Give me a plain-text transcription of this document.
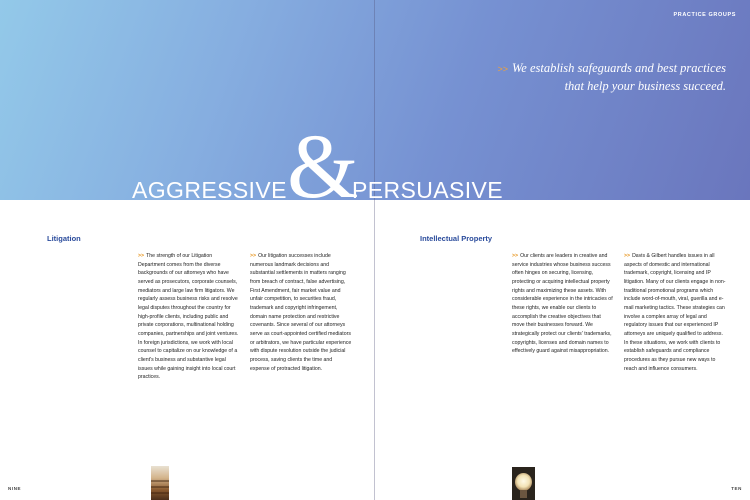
PRACTICE GROUPS
>> We establish safeguards and best practices
that help your business succeed.
AGGRESSIVE &
PERSUASIVE
Litigation
>> The strength of our Litigation Department comes from the diverse backgrounds of our attorneys who have served as prosecutors, corporate counsels, mediators and large law firm litigators. We regularly assess business risks and resolve legal disputes throughout the country for high-profile clients, including public and private corporations, multinational holding companies, partnerships and joint ventures. In foreign jurisdictions, we work with local counsel to capitalize on our knowledge of a client's business and substantive legal issues while gaining insight into local court practices.
>> Our litigation successes include numerous landmark decisions and substantial settlements in matters ranging from breach of contract, false advertising, First Amendment, fair market value and unfair competition, to securities fraud, trademark and copyright infringement, domain name protection and restrictive covenants. Since several of our attorneys serve as court-appointed certified mediators or arbitrators, we have particular experience with dispute resolution outside the judicial process, saving clients the time and expense of protracted litigation.
Intellectual Property
>> Our clients are leaders in creative and service industries whose business success often hinges on securing, licensing, protecting or acquiring intellectual property rights and maximizing these assets. With considerable experience in the intricacies of these rights, we enable our clients to accomplish the creative objectives that move their businesses forward. We strategically protect our clients' trademarks, copyrights, licenses and domain names to effectively guard against misappropriation.
>> Davis & Gilbert handles issues in all aspects of domestic and international trademark, copyright, licensing and IP litigation. Many of our clients engage in non-traditional promotional programs which include word-of-mouth, viral, guerilla and e-mail marketing tactics. These strategies can involve a complex array of legal and regulatory issues that our experienced IP attorneys are uniquely qualified to address. In these situations, we work with clients to establish safeguards and compliance procedures as they pursue new ways to reach and influence consumers.
NINE	TEN
